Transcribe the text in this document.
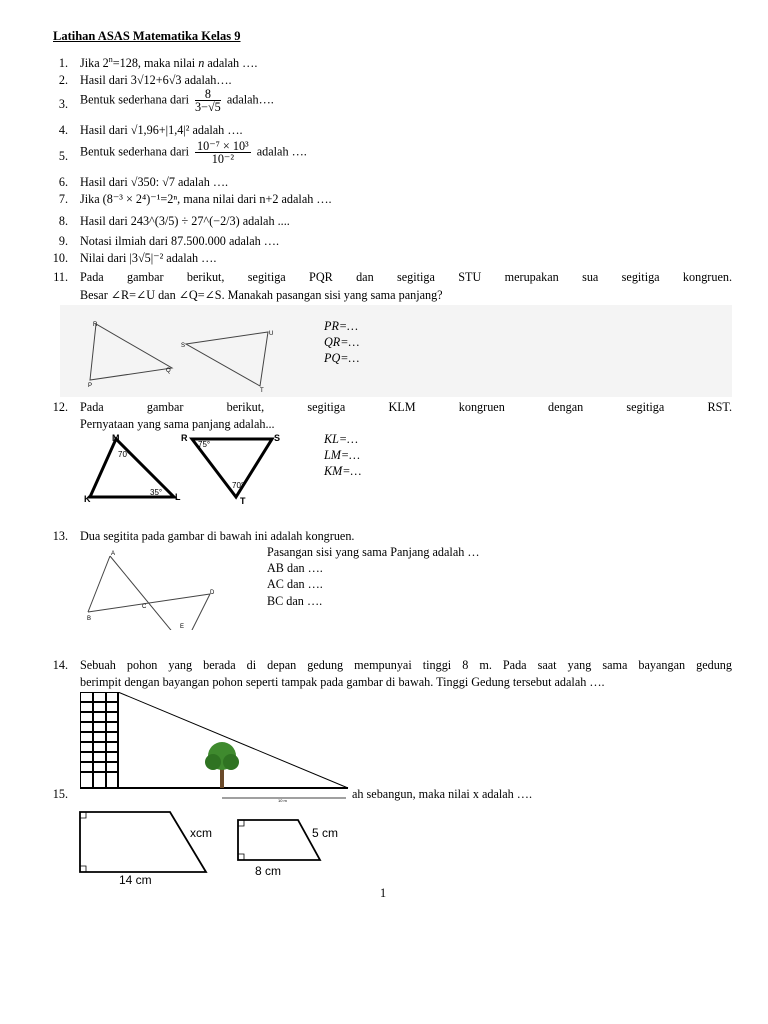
Latihan ASAS Matematika Kelas 9
1. Jika $2^n=128$, maka nilai n adalah ….
2. Hasil dari 3√12+6√3 adalah….
3. Bentuk sederhana dari $\frac{8}{3-√5}$ adalah….
4. Hasil dari √1,96+|1,4|² adalah ….
5. Bentuk sederhana dari $\frac{\text{10⁻⁷ × 10³}}{\text{10⁻²}}$ adalah ….
6. Hasil dari √350: √7 adalah ….
7. Jika (8⁻³ × 2⁴)⁻¹=2ⁿ, mana nilai dari n+2 adalah ….
8. Hasil dari 243^(3/5) ÷ 27^(−2/3) adalah ....
9. Notasi ilmiah dari 87.500.000 adalah ….
10. Nilai dari |3√5|⁻² adalah ….
11. Pada gambar berikut, segitiga PQR dan segitiga STU merupakan sua segitiga kongruen.
Besar ∠R=∠U dan ∠Q=∠S. Manakah pasangan sisi yang sama panjang?
R
P
Q
S
U
T
PR=…
QR=…
PQ=…
12. Pada gambar berikut, segitiga KLM kongruen dengan segitiga RST.
Pernyataan yang sama panjang adalah...
M
K	L
R	S
T
70°
35°
75°
70°
KL=…
LM=…
KM=…
13. Dua segitita pada gambar di bawah ini adalah kongruen.
A
B
C
D
E
Pasangan sisi yang sama Panjang adalah …
AB dan ….
AC dan ….
BC dan ….
14. Sebuah pohon yang berada di depan gedung mempunyai tinggi 8 m. Pada saat yang sama bayangan gedung
berimpit dengan bayangan pohon seperti tampak pada gambar di bawah. Tinggi Gedung tersebut adalah ….
10 m
15.	ah sebangun, maka nilai x adalah ….
xcm
14 cm
5 cm
8 cm
1
